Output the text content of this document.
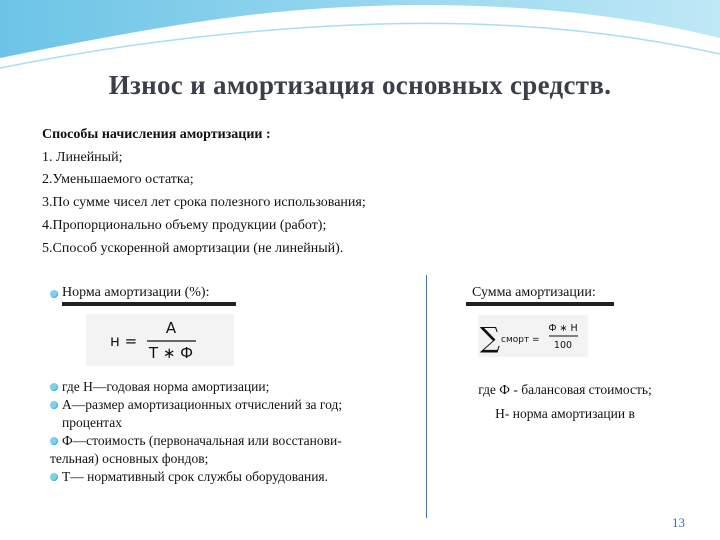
Износ и амортизация основных средств.
Способы начисления амортизации :
1. Линейный;
2.Уменьшаемого остатка;
3.По сумме чисел лет срока полезного использования;
4.Пропорционально объему продукции (работ);
5.Способ ускоренной амортизации (не линейный).
Норма амортизации (%):
н =
А
Т ∗ Ф
где Н—годовая норма амортизации;
А—размер амортизационных отчислений за год;
процентах
Ф—стоимость (первоначальная или восстанови-
тельная) основных фондов;
Т— нормативный срок службы оборудования.
Сумма амортизации:
∑ смopт =
Ф ∗ Н
100
где Ф - балансовая стоимость;
Н- норма амортизации в
13
